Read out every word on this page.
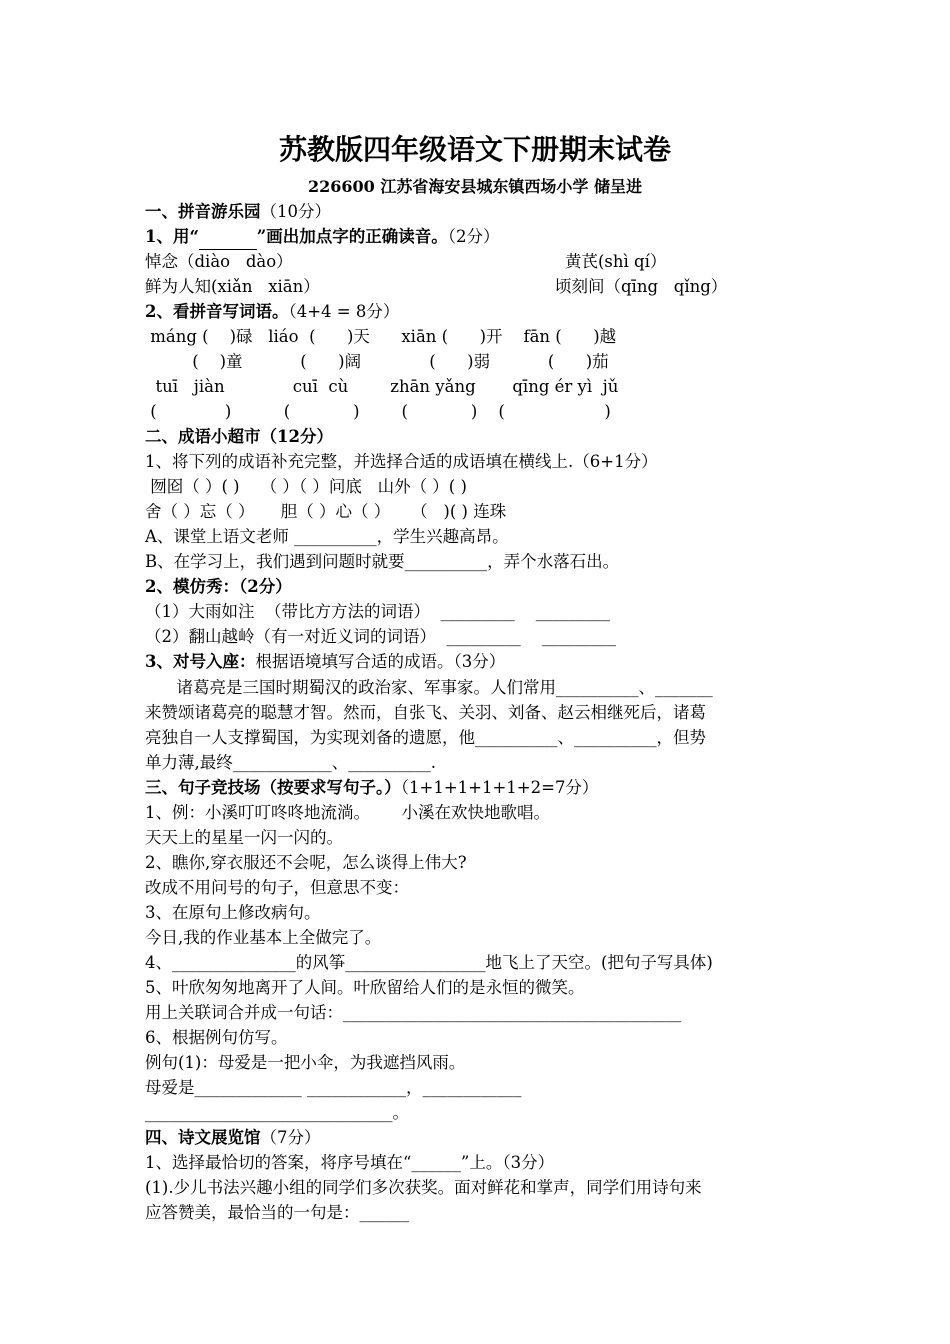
苏教版四年级语文下册期末试卷
226600 江苏省海安县城东镇西场小学 储呈进
一、拼音游乐园（10分）
1、用“	”画出加点字的正确读音。（2分）
悼念（diào   dào）	黄芪(shì qí）
鲜为人知(xiǎn   xiān）	顷刻间（qīng   qǐng）
2、看拼音写词语。（4+4 = 8分）
máng (    )碌   liáo  (      )天      xiān (      )开    fān (      )越
(    )童           (      )阔             (      )弱           (      )茄
tuī   jiàn             cuī  cù        zhān yǎng       qīng ér yì  jǔ
(             )          (            )        (            )    (                   )
二、成语小超市（12分）
1、将下列的成语补充完整，并选择合适的成语填在横线上.（6+1分）
囫囵（ ）( )    （ ）（ ）问底   山外（ ）( )
舍（ ）忘（ ）     胆（ ）心（ ）    （   )( ) 连珠
A、课堂上语文老师 __________，学生兴趣高昂。
B、在学习上，我们遇到问题时就要__________，弄个水落石出。
2、模仿秀：（2分）
（1）大雨如注  （带比方方法的词语）  _________    _________
（2）翻山越岭（有一对近义词的词语）  _________    _________
3、对号入座：根据语境填写合适的成语。（3分）
诸葛亮是三国时期蜀汉的政治家、军事家。人们常用__________、_______
来赞颂诸葛亮的聪慧才智。然而，自张飞、关羽、刘备、赵云相继死后，诸葛
亮独自一人支撑蜀国，为实现刘备的遗愿，他__________、__________，但势
单力薄,最终____________、__________.
三、句子竞技场（按要求写句子。）（1+1+1+1+1+2=7分）
1、例：小溪叮叮咚咚地流淌。      小溪在欢快地歌唱。
天天上的星星一闪一闪的。
2、瞧你,穿衣服还不会呢，怎么谈得上伟大?
改成不用问号的句子，但意思不变：
3、在原句上修改病句。
今日,我的作业基本上全做完了。
4、_______________的风筝_________________地飞上了天空。(把句子写具体)
5、叶欣匆匆地离开了人间。叶欣留给人们的是永恒的微笑。
用上关联词合并成一句话：_________________________________________
6、根据例句仿写。
例句(1)：母爱是一把小伞，为我遮挡风雨。
母爱是_____________ ____________，____________
______________________________。
四、诗文展览馆（7分）
1、选择最恰切的答案，将序号填在“______”上。（3分）
(1).少儿书法兴趣小组的同学们多次获奖。面对鲜花和掌声，同学们用诗句来
应答赞美，最恰当的一句是：______
